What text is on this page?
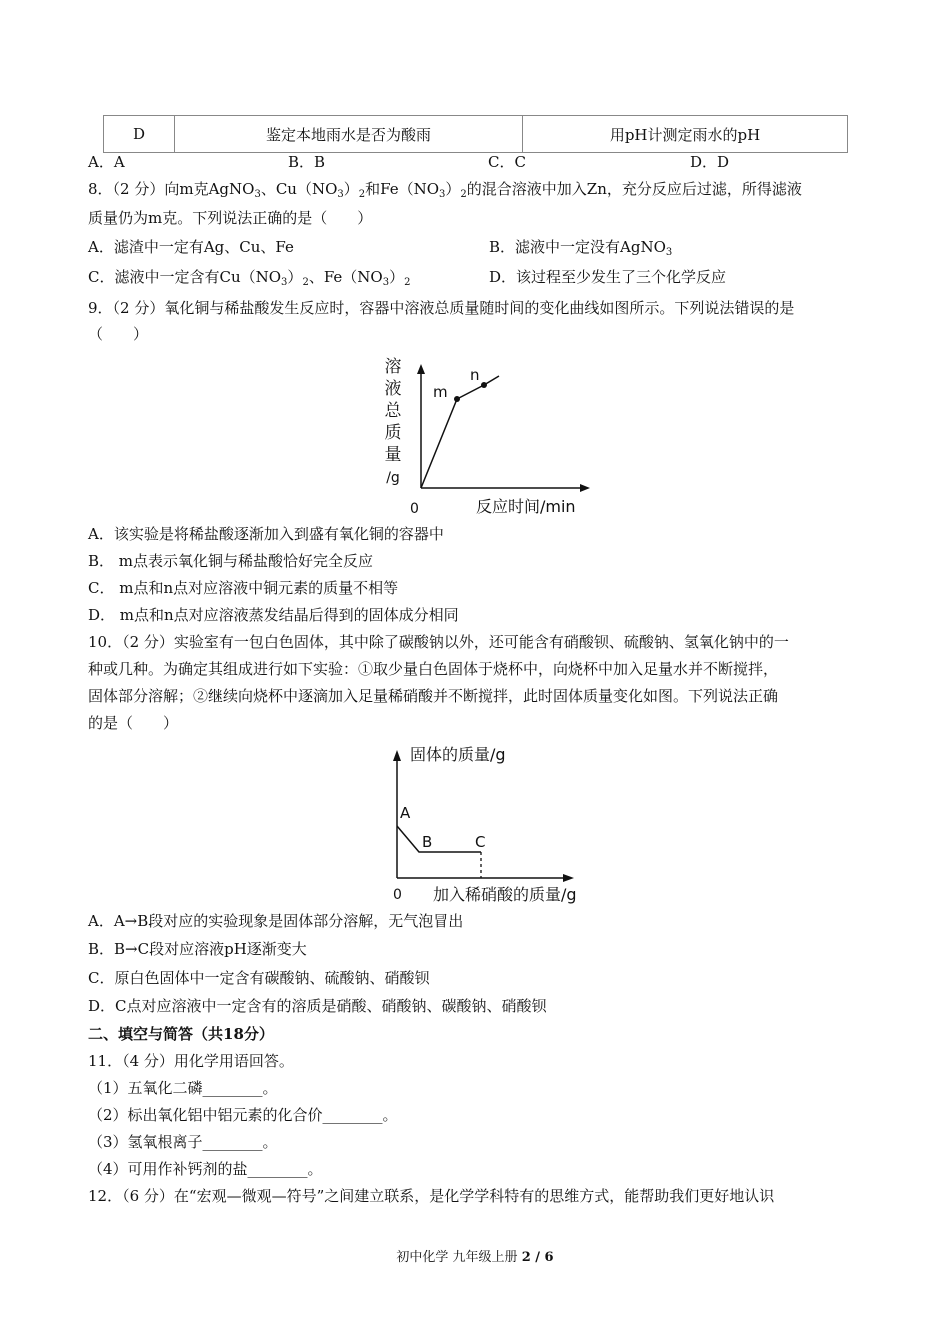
D	鉴定本地雨水是否为酸雨	用pH计测定雨水的pH
A．A	B．B	C．C	D．D
8．（2 分）向m克AgNO$_3$、$Cu(NO_3)_2$和$Fe(NO_3)_2$的混合溶液中加入Zn，充分反应后过滤，所得滤液
质量仍为m克。下列说法正确的是（　　）
A．滤渣中一定有Ag、Cu、Fe	B．滤液中一定没有AgNO$_3$
C．滤液中一定含有$Cu(NO_3)_2$、$Fe(NO_3)_2$	D．该过程至少发生了三个化学反应
9．（2 分）氧化铜与稀盐酸发生反应时，容器中溶液总质量随时间的变化曲线如图所示。下列说法错误的是
（　　）
溶
液
总
质
量
/g
0	反应时间/min
m
n
A．该实验是将稀盐酸逐渐加入到盛有氧化铜的容器中
B． m点表示氧化铜与稀盐酸恰好完全反应
C． m点和n点对应溶液中铜元素的质量不相等
D． m点和n点对应溶液蒸发结晶后得到的固体成分相同
10．（2 分）实验室有一包白色固体，其中除了碳酸钠以外，还可能含有硝酸钡、硫酸钠、氢氧化钠中的一
种或几种。为确定其组成进行如下实验：①取少量白色固体于烧杯中，向烧杯中加入足量水并不断搅拌，
固体部分溶解；②继续向烧杯中逐滴加入足量稀硝酸并不断搅拌，此时固体质量变化如图。下列说法正确
的是（　　）
固体的质量/g
0 加入稀硝酸的质量/g
A
B	C
A．A→B段对应的实验现象是固体部分溶解，无气泡冒出
B．B→C段对应溶液pH逐渐变大
C．原白色固体中一定含有碳酸钠、硫酸钠、硝酸钡
D．C点对应溶液中一定含有的溶质是硝酸、硝酸钠、碳酸钠、硝酸钡
二、填空与简答（共18分）
11．（4 分）用化学用语回答。
（1）五氧化二磷________。
（2）标出氧化铝中铝元素的化合价________。
（3）氢氧根离子________。
（4）可用作补钙剂的盐________。
12．（6 分）在“宏观—微观—符号”之间建立联系，是化学学科特有的思维方式，能帮助我们更好地认识
初中化学 九年级上册 2 / 6
